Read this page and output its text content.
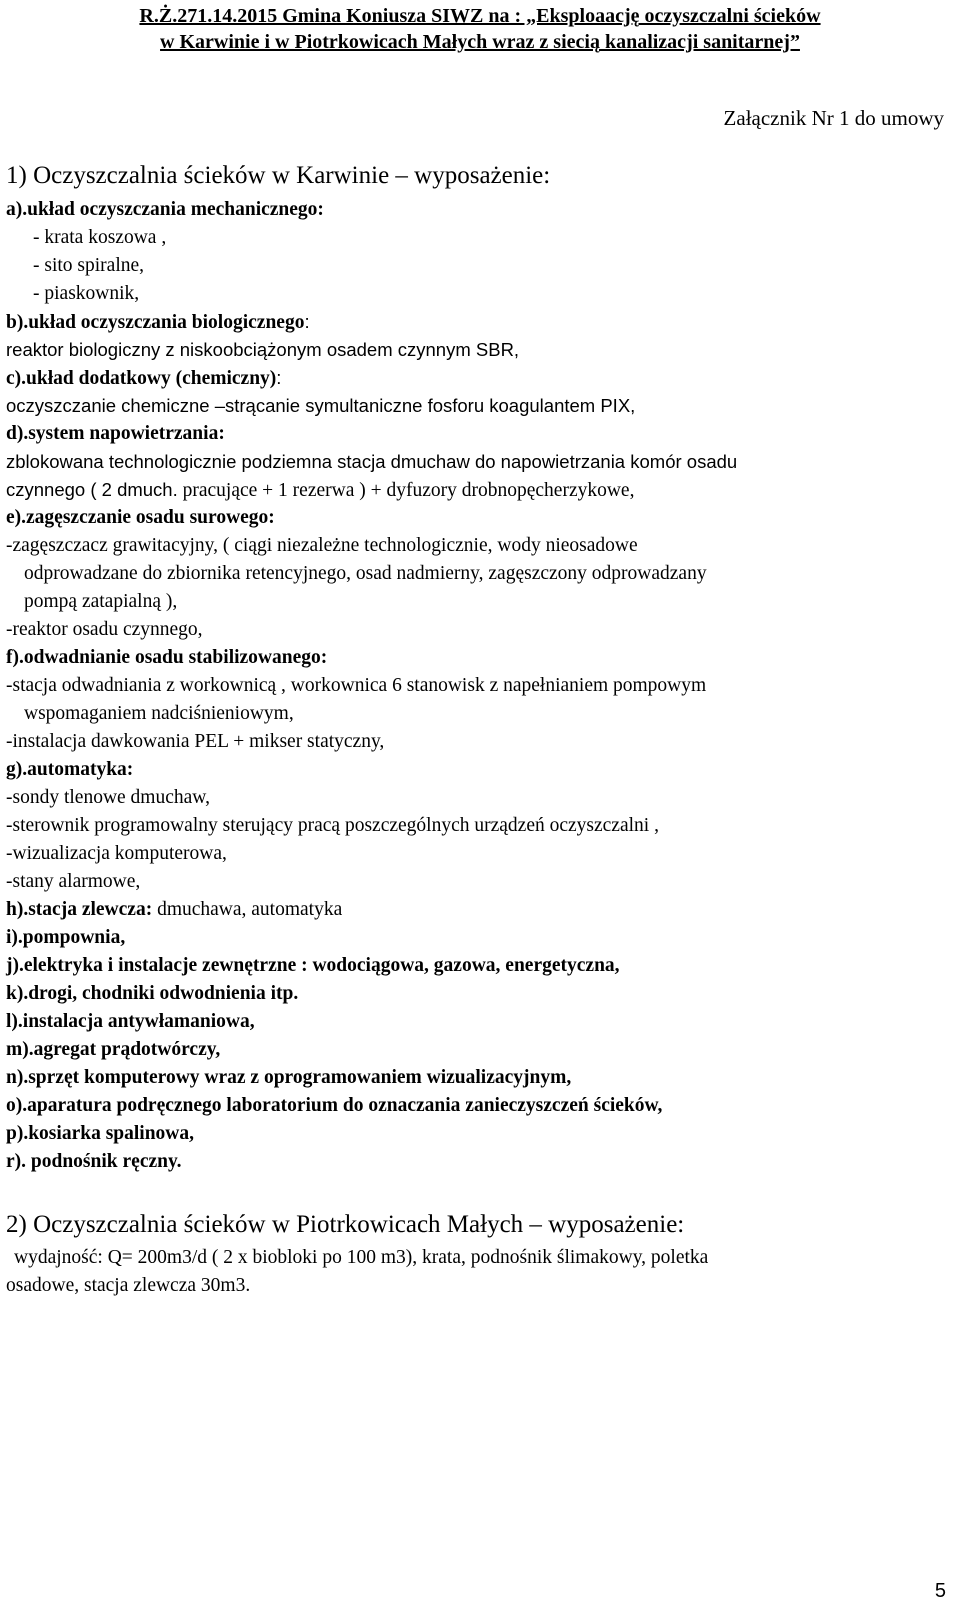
R.Ż.271.14.2015 Gmina Koniusza SIWZ na : „Eksploaację oczyszczalni ścieków
w Karwinie i w Piotrkowicach Małych wraz z siecią kanalizacji sanitarnej”
Załącznik Nr 1 do umowy
1) Oczyszczalnia ścieków w Karwinie – wyposażenie:
a).układ oczyszczania mechanicznego:
- krata koszowa ,
- sito spiralne,
- piaskownik,
b).układ oczyszczania biologicznego:
reaktor biologiczny z niskoobciążonym osadem czynnym SBR,
c).układ dodatkowy (chemiczny):
oczyszczanie chemiczne –strącanie symultaniczne fosforu koagulantem PIX,
d).system napowietrzania:
zblokowana technologicznie podziemna stacja dmuchaw do napowietrzania komór osadu
czynnego ( 2 dmuch. pracujące + 1 rezerwa ) + dyfuzory drobnopęcherzykowe,
e).zagęszczanie osadu surowego:
-zagęszczacz grawitacyjny, ( ciągi niezależne technologicznie, wody nieosadowe
odprowadzane do zbiornika retencyjnego, osad nadmierny, zagęszczony odprowadzany
pompą zatapialną ),
-reaktor osadu czynnego,
f).odwadnianie osadu stabilizowanego:
-stacja odwadniania z workownicą , workownica 6 stanowisk z napełnianiem pompowym
wspomaganiem nadciśnieniowym,
-instalacja dawkowania PEL + mikser statyczny,
g).automatyka:
-sondy tlenowe dmuchaw,
-sterownik programowalny sterujący pracą poszczególnych urządzeń oczyszczalni ,
-wizualizacja komputerowa,
-stany alarmowe,
h).stacja zlewcza: dmuchawa, automatyka
i).pompownia,
j).elektryka i instalacje zewnętrzne : wodociągowa, gazowa, energetyczna,
k).drogi, chodniki odwodnienia itp.
l).instalacja antywłamaniowa,
m).agregat prądotwórczy,
n).sprzęt komputerowy wraz z oprogramowaniem wizualizacyjnym,
o).aparatura podręcznego laboratorium do oznaczania zanieczyszczeń ścieków,
p).kosiarka spalinowa,
r). podnośnik ręczny.
2) Oczyszczalnia ścieków w Piotrkowicach Małych – wyposażenie:
wydajność: Q= 200m3/d ( 2 x biobloki po 100 m3), krata, podnośnik ślimakowy, poletka
osadowe, stacja zlewcza 30m3.
5
